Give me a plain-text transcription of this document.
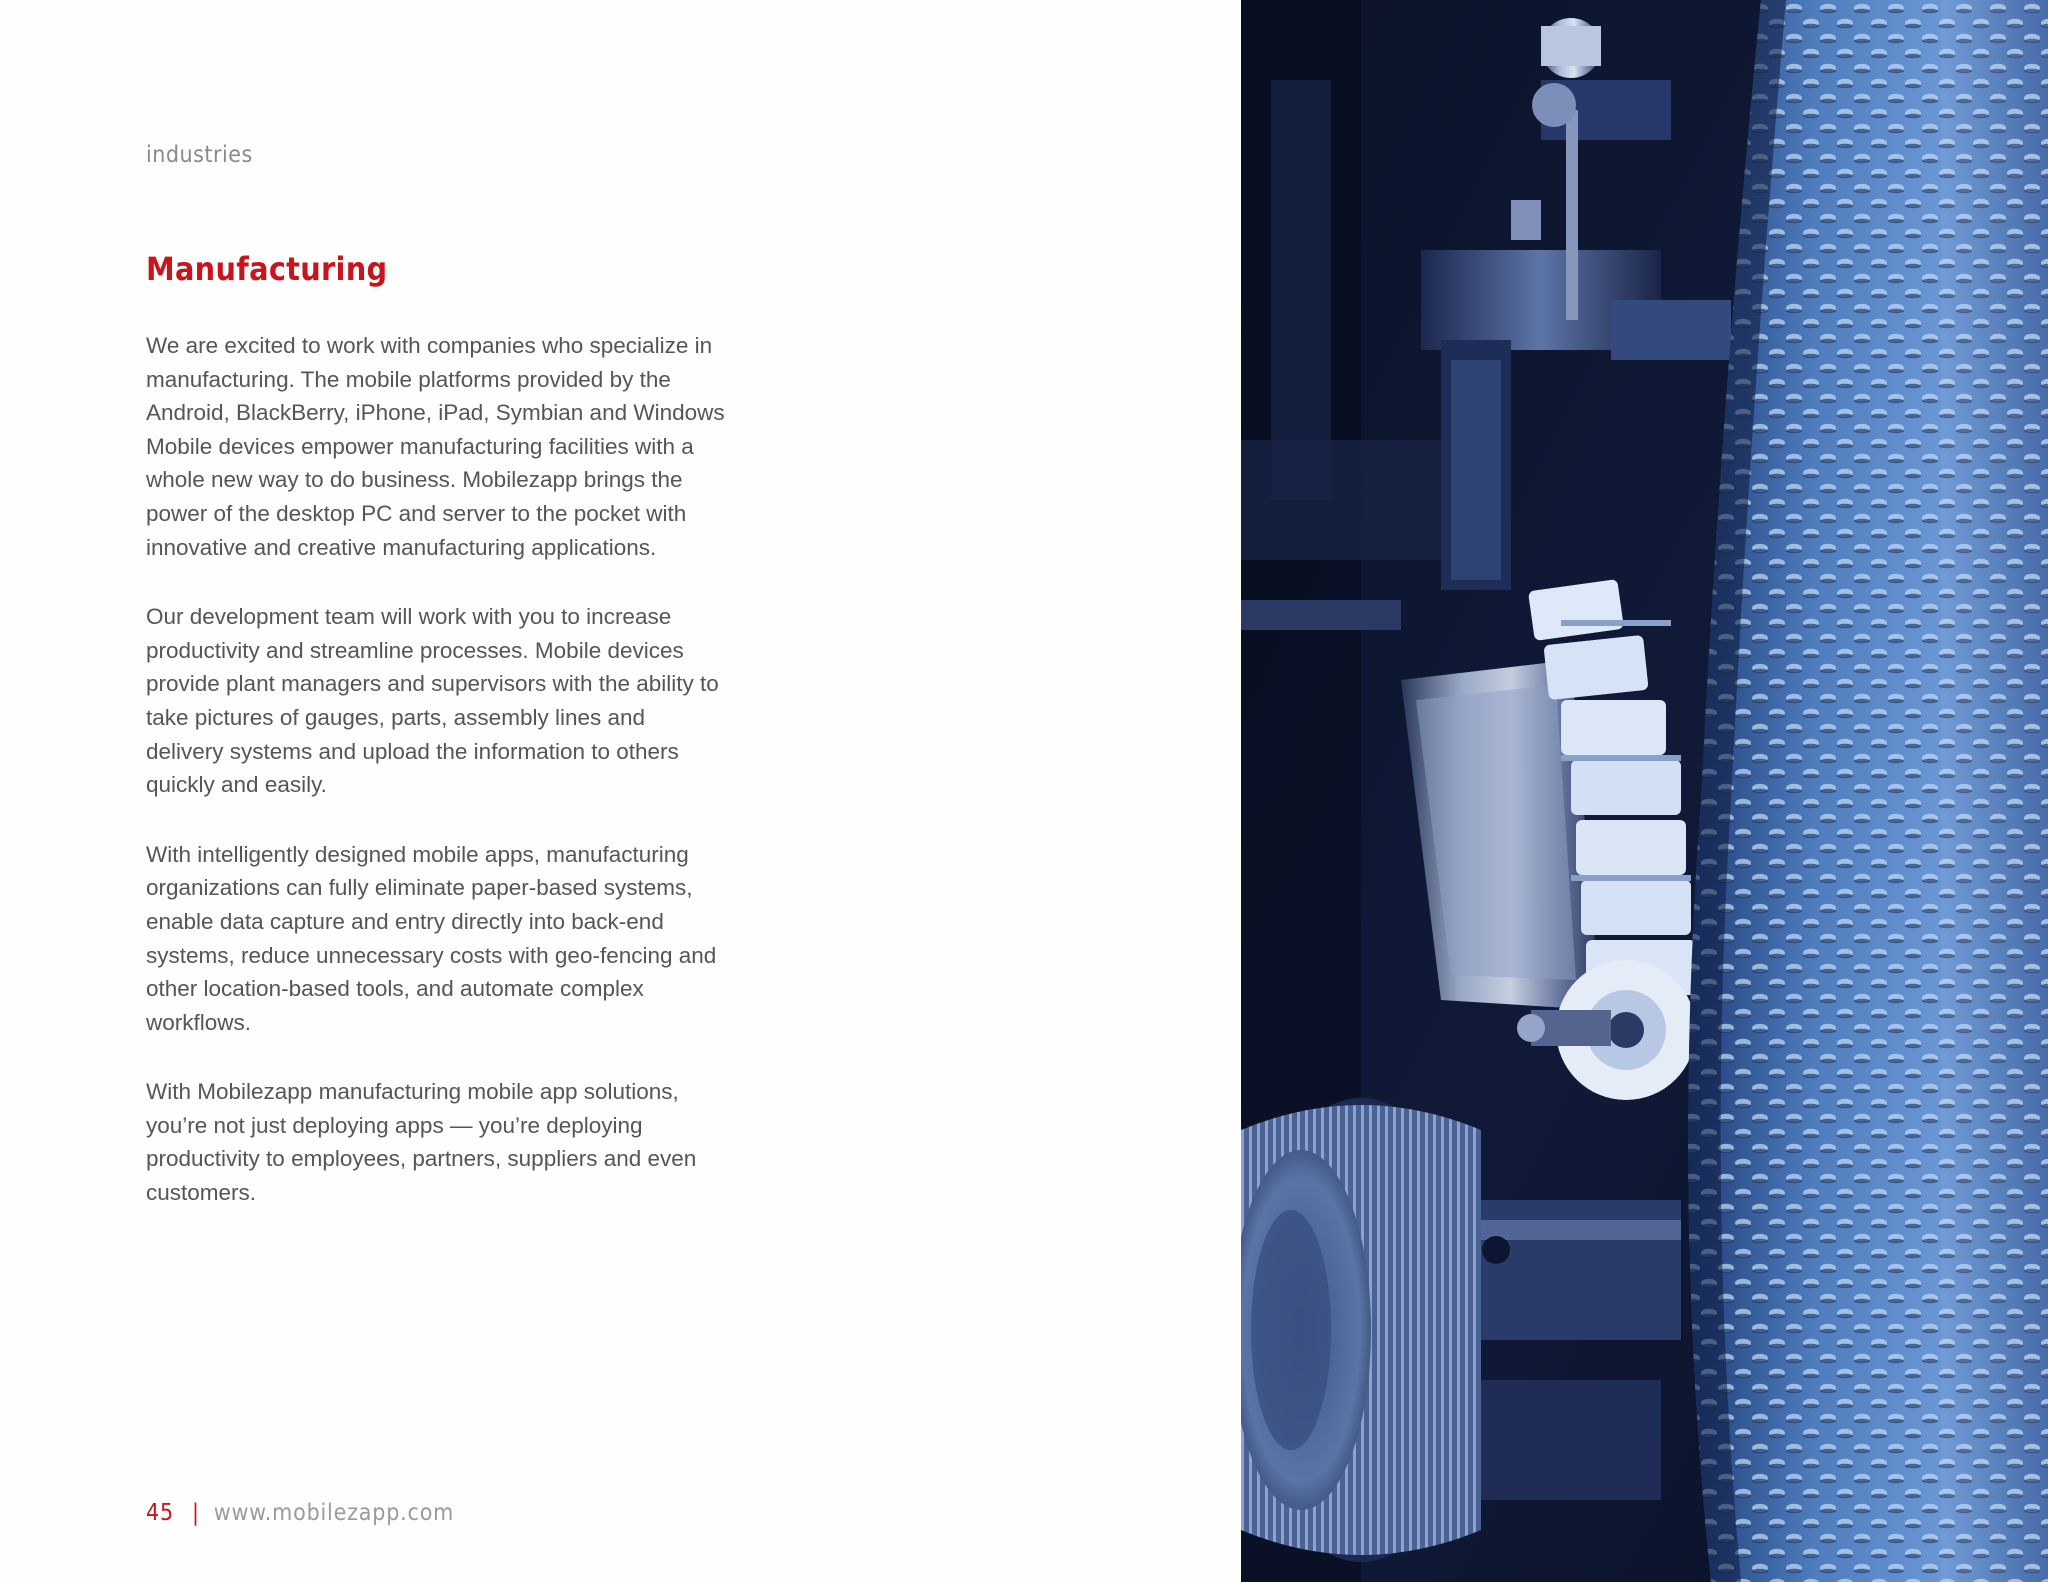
industries
Manufacturing

We are excited to work with companies who specialize in manufacturing. The mobile platforms provided by the Android, BlackBerry, iPhone, iPad, Symbian and Windows Mobile devices empower manufacturing facilities with a whole new way to do business. Mobilezapp brings the power of the desktop PC and server to the pocket with innovative and creative manufacturing applications.

Our development team will work with you to increase productivity and streamline processes. Mobile devices provide plant managers and supervisors with the ability to take pictures of gauges, parts, assembly lines and delivery systems and upload the information to others quickly and easily.

With intelligently designed mobile apps, manufacturing organizations can fully eliminate paper-based systems, enable data capture and entry directly into back-end systems, reduce unnecessary costs with geo-fencing and other location-based tools, and automate complex workflows.

With Mobilezapp manufacturing mobile app solutions, you’re not just deploying apps — you’re deploying productivity to employees, partners, suppliers and even customers.

45 | www.mobilezapp.com
